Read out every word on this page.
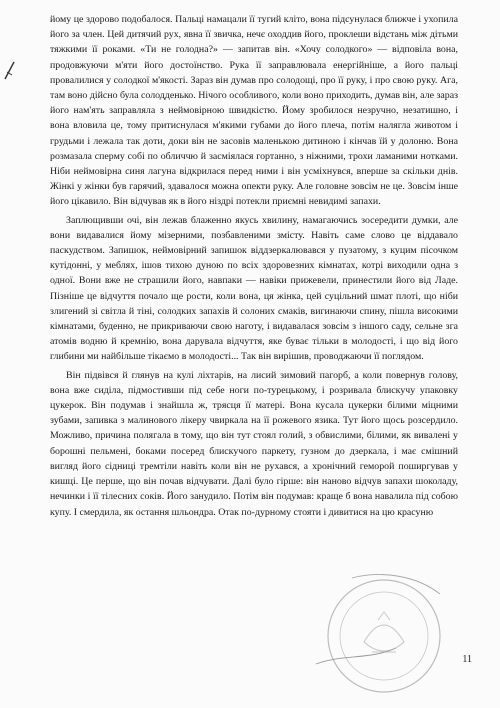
йому це здорово подобалося. Пальці намацали її тугий кліто, вона підсунулася ближче і ухопила його за член. Цей дитячий рух, явна її звичка, нечє оходдив його, проклеши відстань між дітьми тяжкими її роками. «Ти не голодна?» — запитав він. «Хочу солодкого» — відповіла вона, продовжуючи м'яти його достоїнство. Рука її заправлювала енергійніше, а його пальці провалилися у солодкої м'якості. Зараз він думав про солодощі, про її руку, і про свою руку. Ага, там воно дійсно була солодденько. Нічого особливого, коли воно приходить, думав він, але зараз його нам'ять заправляла з неймовірною швидкістю. Йому зробилося незручно, незатишно, і вона вловила це, тому притиснулася м'якими губами до його плеча, потім налягла животом і грудьми і лежала так доти, доки він не засовів маленькою дитиною і кінчав їй у долоню. Вона розмазала сперму собі по обличчю й засміялася гортанно, з ніжними, трохи ламаними нотками. Ніби неймовірна синя лагуна відкрилася перед ними і він усміхнувся, вперше за скільки днів. Жінкі у жінки був гарячий, здавалося можна опекти руку. Але головне зовсім не це. Зовсім інше його цікавило. Він відчував як в його ніздрі потекли приємні невидимі запахи.

Заплющивши очі, він лежав блаженно якусь хвилину, намагаючись зосередити думки, але вони видавалися йому мізерними, позбавленими змісту. Навіть саме слово це віддавало паскудством. Запишок, неймовірний запишок віддзеркалювався у пузатому, з куцим пісочком кутідонні, у меблях, ішов тихою дуною по всіх здоровезних кімнатах, котрі виходили одна з одної. Вони вже не страшили його, навпаки — навіки прижевели, принестили його від Ладе. Пізніше це відчуття почало ще рости, коли вона, ця жінка, цей суцільний шмат плоті, що ніби злигений зі світла й тіні, солодких запахів й солоних смаків, вигинаючи спину, пішла високими кімнатами, буденно, не прикриваючи свою наготу, і видавалася зовсім з іншого саду, сельне зга атомів водню й кремнію, вона дарувала відчуття, яке буває тільки в молодості, і що від його глибини ми найбільше тікаємо в молодості... Так він вирішив, проводжаючи її поглядом.

Він підвівся й глянув на кулі ліхтарів, на лисий зимовий пагорб, а коли повернув голову, вона вже сиділа, підмостивши під себе ноги по-турецькому, і розривала блискучу упаковку цукерок. Він подумав і знайшла ж, трясця її матері. Вона кусала цукерки білими міцними зубами, запивка з малинового лікеру чвиркала на її рожевого язика. Тут його щось розсердило. Можливо, причина полягала в тому, що він тут стоял голий, з обвислими, білими, як вивалені у борошні пельмені, боками посеред блискучого паркету, гузном до дзеркала, і має смішний вигляд його сідниці тремтіли навіть коли він не рухався, а хронічний геморой поширгував у кишці. Це перше, що він почав відчувати. Далі було гірше: він наново відчув запахи шоколаду, нечинки і її тілесних соків. Його занудило. Потім він подумав: краще б вона навалила під собою купу. І смердила, як остання шльондра. Отак по-дурному стояти і дивитися на цю красуню

11
